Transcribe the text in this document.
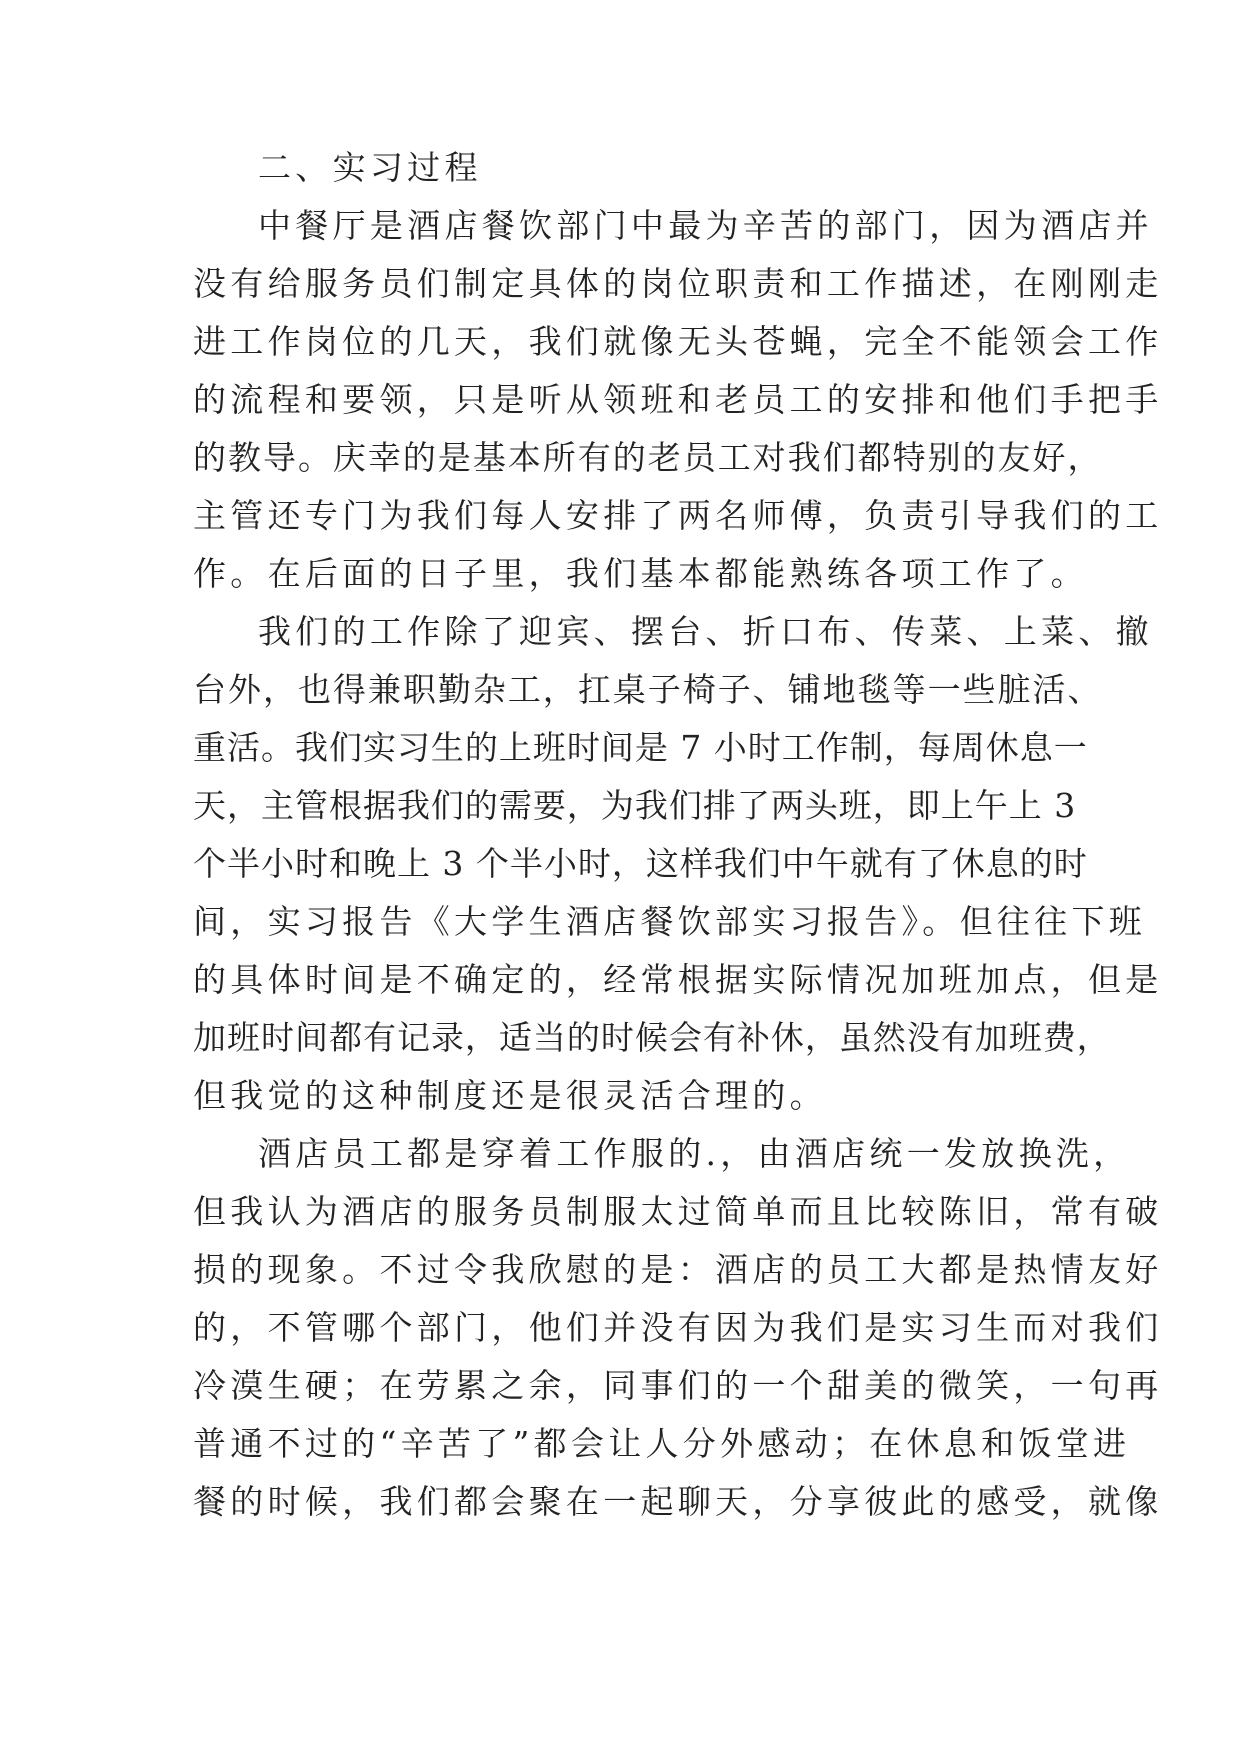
二、实习过程
中餐厅是酒店餐饮部门中最为辛苦的部门，因为酒店并
没有给服务员们制定具体的岗位职责和工作描述，在刚刚走
进工作岗位的几天，我们就像无头苍蝇，完全不能领会工作
的流程和要领，只是听从领班和老员工的安排和他们手把手
的教导。庆幸的是基本所有的老员工对我们都特别的友好，
主管还专门为我们每人安排了两名师傅，负责引导我们的工
作。在后面的日子里，我们基本都能熟练各项工作了。
我们的工作除了迎宾、摆台、折口布、传菜、上菜、撤
台外，也得兼职勤杂工，扛桌子椅子、铺地毯等一些脏活、
重活。我们实习生的上班时间是 7 小时工作制，每周休息一
天，主管根据我们的需要，为我们排了两头班，即上午上 3
个半小时和晚上 3 个半小时，这样我们中午就有了休息的时
间，实习报告《大学生酒店餐饮部实习报告》。但往往下班
的具体时间是不确定的，经常根据实际情况加班加点，但是
加班时间都有记录，适当的时候会有补休，虽然没有加班费，
但我觉的这种制度还是很灵活合理的。
酒店员工都是穿着工作服的.，由酒店统一发放换洗，
但我认为酒店的服务员制服太过简单而且比较陈旧，常有破
损的现象。不过令我欣慰的是：酒店的员工大都是热情友好
的，不管哪个部门，他们并没有因为我们是实习生而对我们
冷漠生硬；在劳累之余，同事们的一个甜美的微笑，一句再
普通不过的“辛苦了”都会让人分外感动；在休息和饭堂进
餐的时候，我们都会聚在一起聊天，分享彼此的感受，就像
